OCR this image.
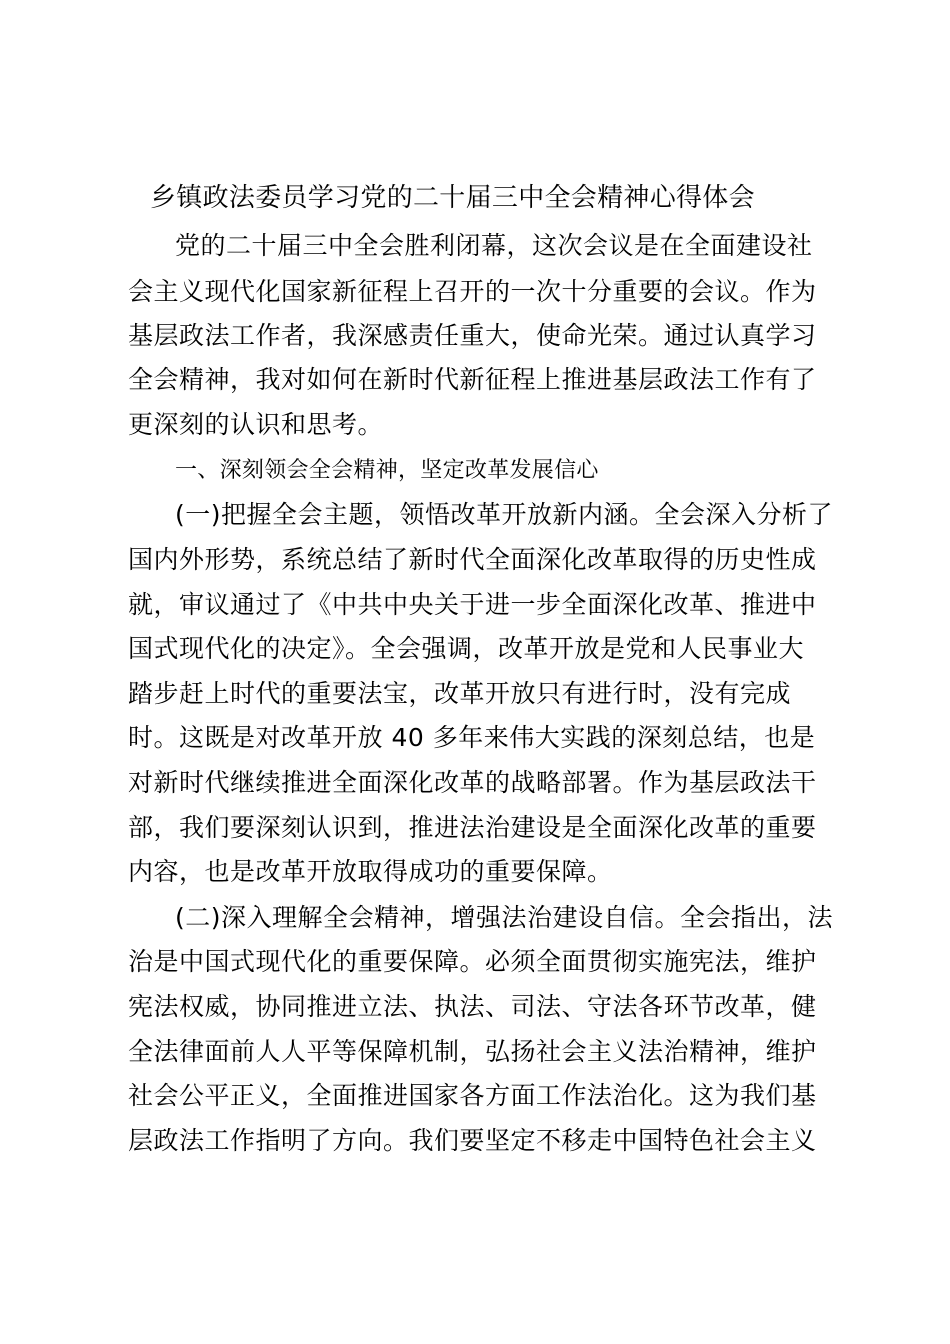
乡镇政法委员学习党的二十届三中全会精神心得体会
党的二十届三中全会胜利闭幕，这次会议是在全面建设社
会主义现代化国家新征程上召开的一次十分重要的会议。作为
基层政法工作者，我深感责任重大，使命光荣。通过认真学习
全会精神，我对如何在新时代新征程上推进基层政法工作有了
更深刻的认识和思考。
一、深刻领会全会精神，坚定改革发展信心
(一)把握全会主题，领悟改革开放新内涵。全会深入分析了
国内外形势，系统总结了新时代全面深化改革取得的历史性成
就，审议通过了《中共中央关于进一步全面深化改革、推进中
国式现代化的决定》。全会强调，改革开放是党和人民事业大
踏步赶上时代的重要法宝，改革开放只有进行时，没有完成
时。这既是对改革开放 40 多年来伟大实践的深刻总结，也是
对新时代继续推进全面深化改革的战略部署。作为基层政法干
部，我们要深刻认识到，推进法治建设是全面深化改革的重要
内容，也是改革开放取得成功的重要保障。
(二)深入理解全会精神，增强法治建设自信。全会指出，法
治是中国式现代化的重要保障。必须全面贯彻实施宪法，维护
宪法权威，协同推进立法、执法、司法、守法各环节改革，健
全法律面前人人平等保障机制，弘扬社会主义法治精神，维护
社会公平正义，全面推进国家各方面工作法治化。这为我们基
层政法工作指明了方向。我们要坚定不移走中国特色社会主义
